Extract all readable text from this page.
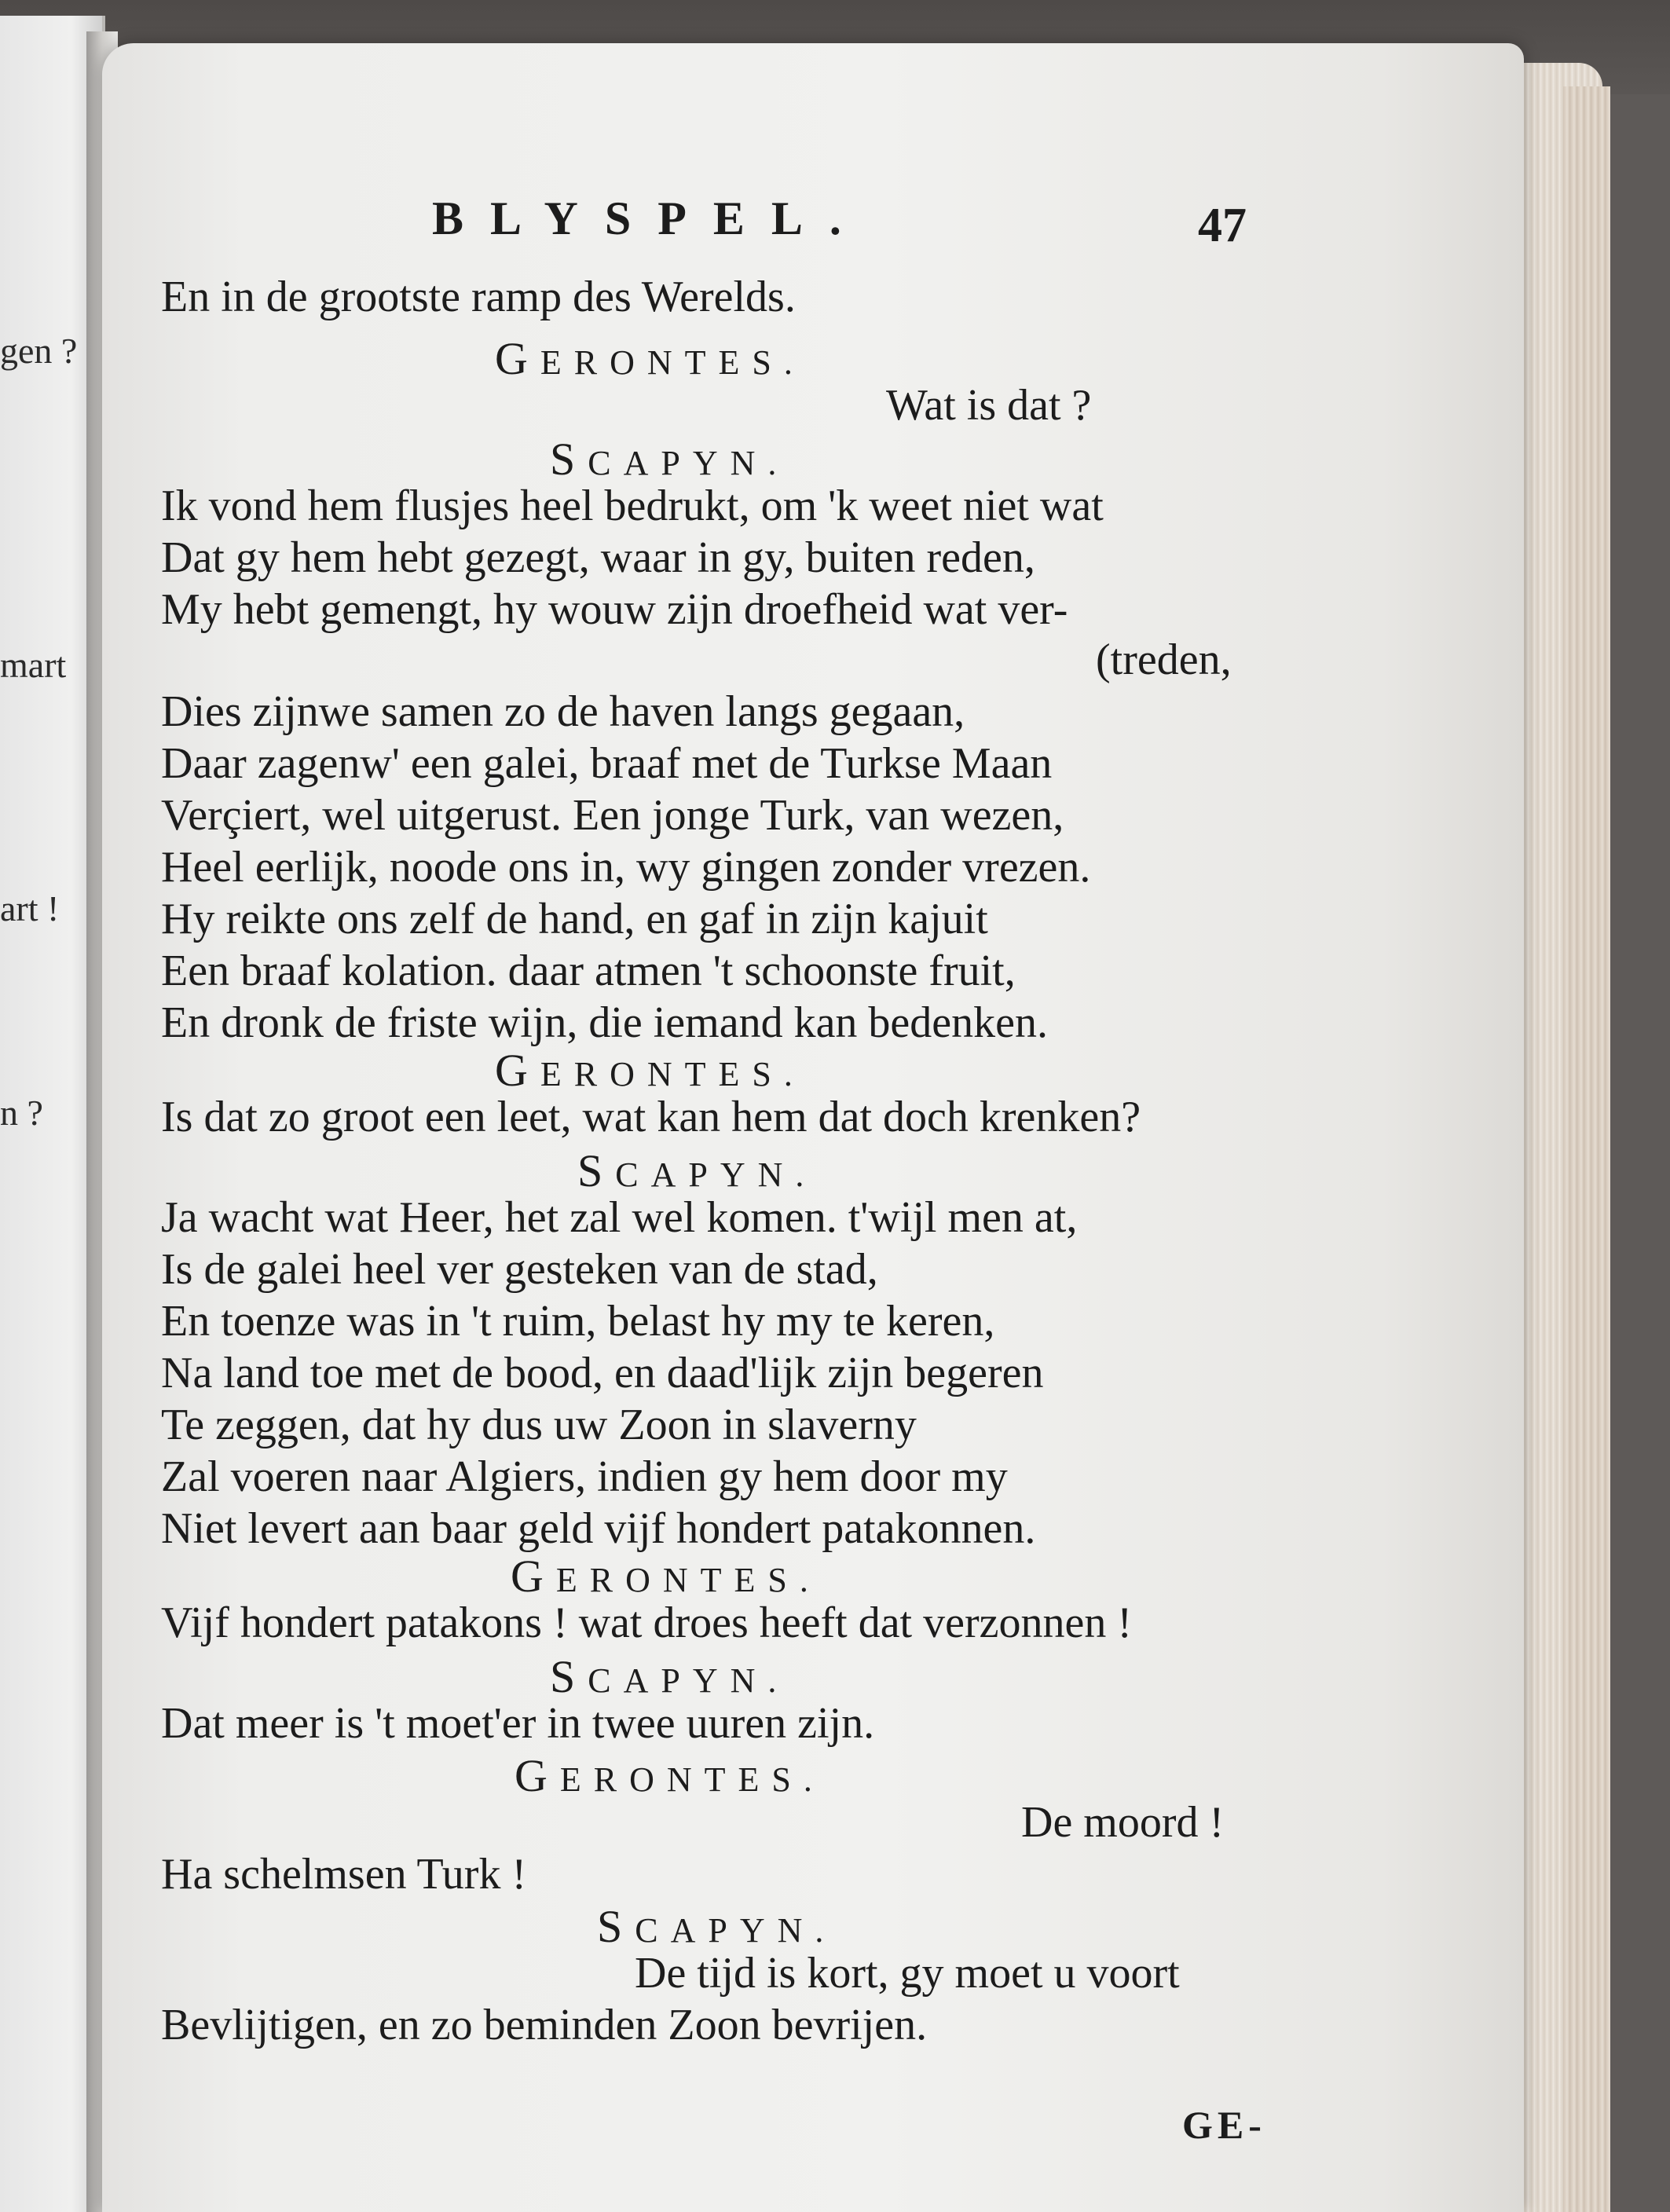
gen ?
mart
art !
n ?
BLYSPEL.	47
En in de grootste ramp des Werelds.
GERONTES.
Wat is dat ?
SCAPYN.
Ik vond hem flusjes heel bedrukt, om 'k weet niet wat
Dat gy hem hebt gezegt, waar in gy, buiten reden,
My hebt gemengt, hy wouw zijn droefheid wat ver-
(treden,
Dies zijnwe samen zo de haven langs gegaan,
Daar zagenw' een galei, braaf met de Turkse Maan
Verçiert, wel uitgerust. Een jonge Turk, van wezen,
Heel eerlijk, noode ons in, wy gingen zonder vrezen.
Hy reikte ons zelf de hand, en gaf in zijn kajuit
Een braaf kolation. daar atmen 't schoonste fruit,
En dronk de friste wijn, die iemand kan bedenken.
GERONTES.
Is dat zo groot een leet, wat kan hem dat doch krenken?
SCAPYN.
Ja wacht wat Heer, het zal wel komen. t'wijl men at,
Is de galei heel ver gesteken van de stad,
En toenze was in 't ruim, belast hy my te keren,
Na land toe met de bood, en daad'lijk zijn begeren
Te zeggen, dat hy dus uw Zoon in slaverny
Zal voeren naar Algiers, indien gy hem door my
Niet levert aan baar geld vijf hondert patakonnen.
GERONTES.
Vijf hondert patakons ! wat droes heeft dat verzonnen !
SCAPYN.
Dat meer is 't moet'er in twee uuren zijn.
GERONTES.
De moord !
Ha schelmsen Turk !
SCAPYN.
De tijd is kort, gy moet u voort
Bevlijtigen, en zo beminden Zoon bevrijen.
GE-
